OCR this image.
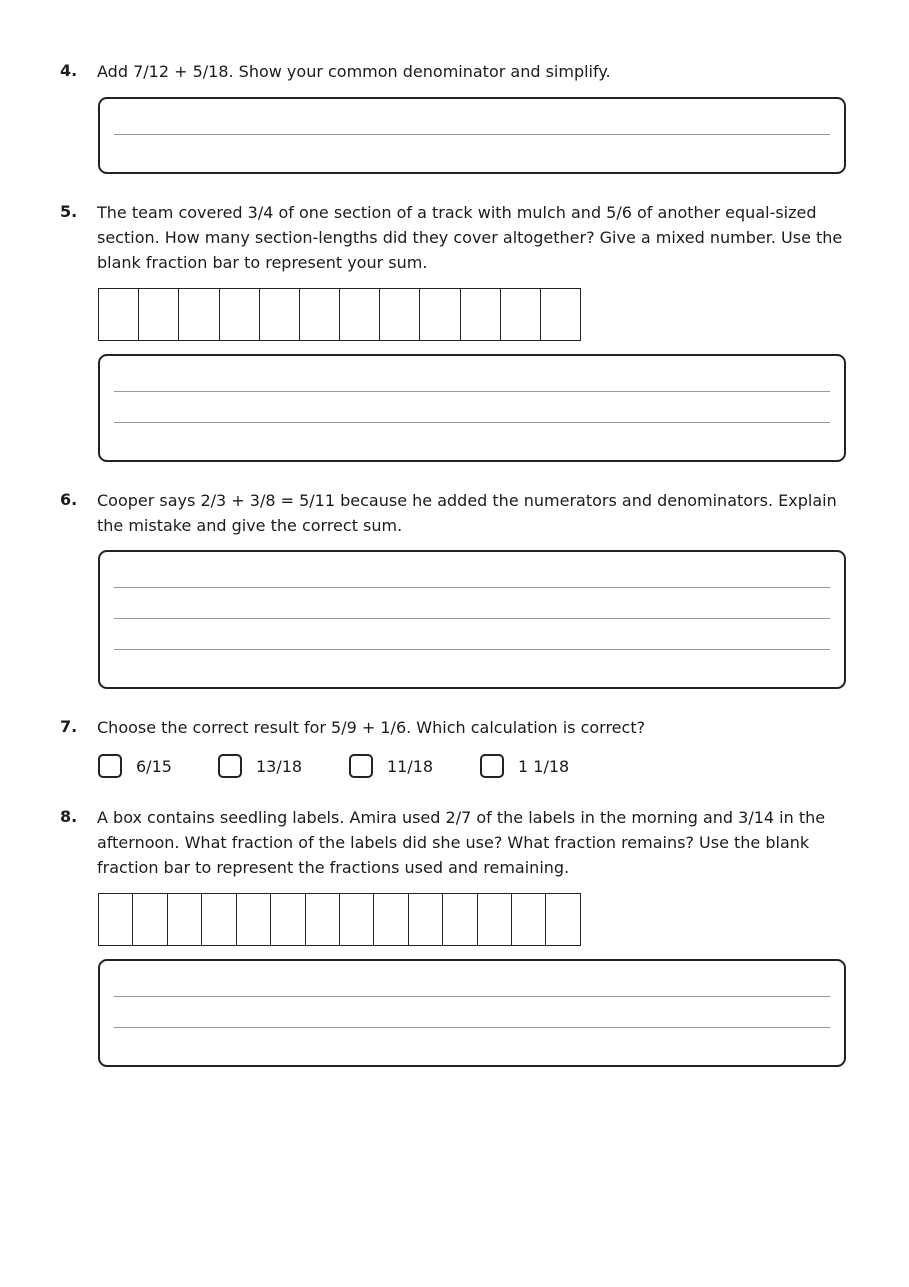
4. Add 7/12 + 5/18. Show your common denominator and simplify.
5. The team covered 3/4 of one section of a track with mulch and 5/6 of another equal-sized section. How many section-lengths did they cover altogether? Give a mixed number. Use the blank fraction bar to represent your sum.
6. Cooper says 2/3 + 3/8 = 5/11 because he added the numerators and denominators. Explain the mistake and give the correct sum.
7. Choose the correct result for 5/9 + 1/6. Which calculation is correct?
6/15	13/18	11/18	1 1/18
8. A box contains seedling labels. Amira used 2/7 of the labels in the morning and 3/14 in the afternoon. What fraction of the labels did she use? What fraction remains? Use the blank fraction bar to represent the fractions used and remaining.
